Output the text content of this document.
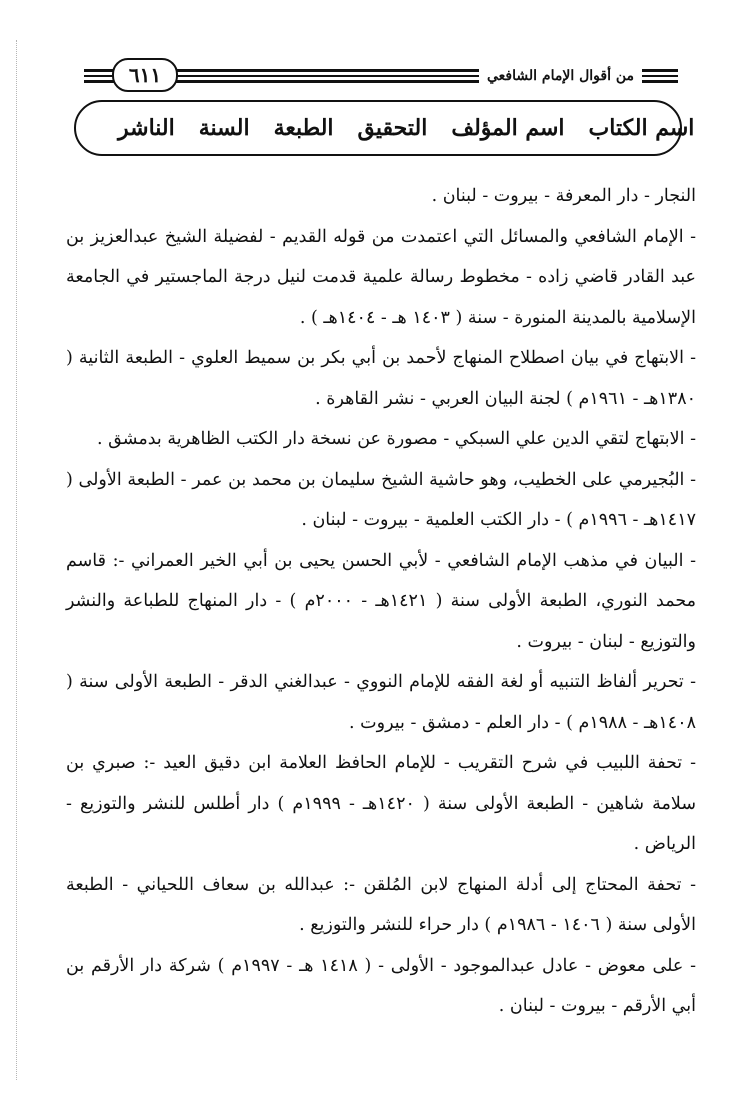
من أقوال الإمام الشافعي
٦١١
اسم الكتاب
اسم المؤلف
التحقيق
الطبعة
السنة
الناشر

النجار - دار المعرفة - بيروت - لبنان .

- الإمام الشافعي والمسائل التي اعتمدت من قوله القديم - لفضيلة الشيخ عبدالعزيز بن عبد القادر قاضي زاده - مخطوط رسالة علمية قدمت لنيل درجة الماجستير في الجامعة الإسلامية بالمدينة المنورة - سنة ( ١٤٠٣ هـ - ١٤٠٤هـ ) .

- الابتهاج في بيان اصطلاح المنهاج لأحمد بن أبي بكر بن سميط العلوي - الطبعة الثانية ( ١٣٨٠هـ - ١٩٦١م ) لجنة البيان العربي - نشر القاهرة .

- الابتهاج لتقي الدين علي السبكي - مصورة عن نسخة دار الكتب الظاهرية بدمشق .

- البُجيرمي على الخطيب، وهو حاشية الشيخ سليمان بن محمد بن عمر - الطبعة الأولى ( ١٤١٧هـ - ١٩٩٦م ) - دار الكتب العلمية - بيروت - لبنان .

- البيان في مذهب الإمام الشافعي - لأبي الحسن يحيى بن أبي الخير العمراني -: قاسم محمد النوري، الطبعة الأولى سنة ( ١٤٢١هـ - ٢٠٠٠م ) - دار المنهاج للطباعة والنشر والتوزيع - لبنان - بيروت .

- تحرير ألفاظ التنبيه أو لغة الفقه للإمام النووي - عبدالغني الدقر - الطبعة الأولى سنة ( ١٤٠٨هـ - ١٩٨٨م ) - دار العلم - دمشق - بيروت .

- تحفة اللبيب في شرح التقريب - للإمام الحافظ العلامة ابن دقيق العيد -: صبري بن سلامة شاهين - الطبعة الأولى سنة ( ١٤٢٠هـ - ١٩٩٩م ) دار أطلس للنشر والتوزيع - الرياض .

- تحفة المحتاج إلى أدلة المنهاج لابن المُلقن -: عبدالله بن سعاف اللحياني - الطبعة الأولى سنة ( ١٤٠٦ - ١٩٨٦م ) دار حراء للنشر والتوزيع .

- على معوض - عادل عبدالموجود - الأولى - ( ١٤١٨ هـ - ١٩٩٧م ) شركة دار الأرقم بن أبي الأرقم - بيروت - لبنان .
